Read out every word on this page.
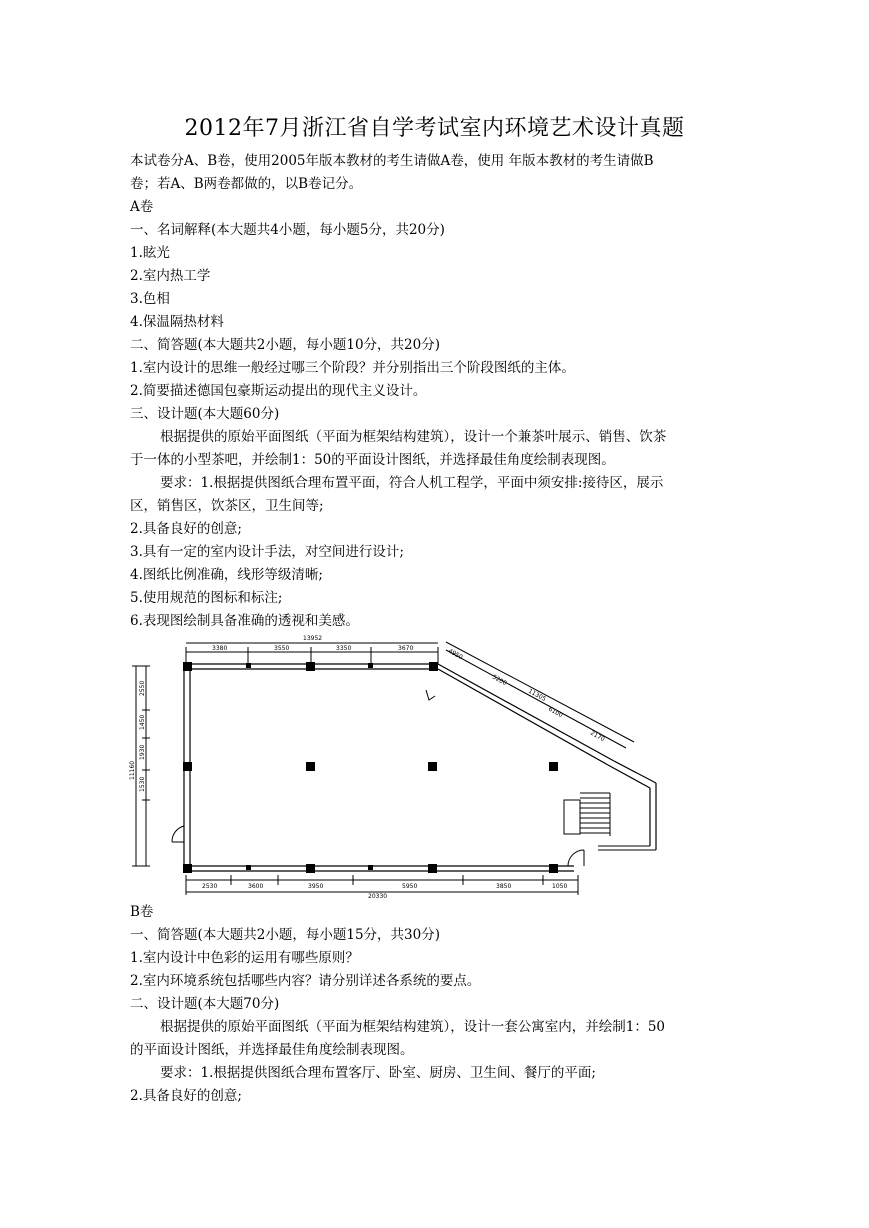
2012年7月浙江省自学考试室内环境艺术设计真题
本试卷分A、B卷，使用2005年版本教材的考生请做A卷，使用 年版本教材的考生请做B
卷；若A、B两卷都做的，以B卷记分。
A卷
一、名词解释(本大题共4小题，每小题5分，共20分)
1.眩光
2.室内热工学
3.色相
4.保温隔热材料
二、简答题(本大题共2小题，每小题10分，共20分)
1.室内设计的思维一般经过哪三个阶段？并分别指出三个阶段图纸的主体。
2.简要描述德国包豪斯运动提出的现代主义设计。
三、设计题(本大题60分)
根据提供的原始平面图纸（平面为框架结构建筑），设计一个兼茶叶展示、销售、饮茶
于一体的小型茶吧，并绘制1：50的平面设计图纸，并选择最佳角度绘制表现图。
要求：1.根据提供图纸合理布置平面，符合人机工程学，平面中须安排:接待区，展示
区，销售区，饮茶区，卫生间等;
2.具备良好的创意;
3.具有一定的室内设计手法，对空间进行设计;
4.图纸比例准确，线形等级清晰;
5.使用规范的图标和标注;
6.表现图绘制具备准确的透视和美感。
13952
3380	3550	3350	3670
20330
2530	3600	3950	5950	3850	1050
11160
2550
1450
1930
1530
11305
4950
5200
6100
2170
B卷
一、简答题(本大题共2小题，每小题15分，共30分)
1.室内设计中色彩的运用有哪些原则？
2.室内环境系统包括哪些内容？请分别详述各系统的要点。
二、设计题(本大题70分)
根据提供的原始平面图纸（平面为框架结构建筑），设计一套公寓室内，并绘制1：50
的平面设计图纸，并选择最佳角度绘制表现图。
要求：1.根据提供图纸合理布置客厅、卧室、厨房、卫生间、餐厅的平面;
2.具备良好的创意;
